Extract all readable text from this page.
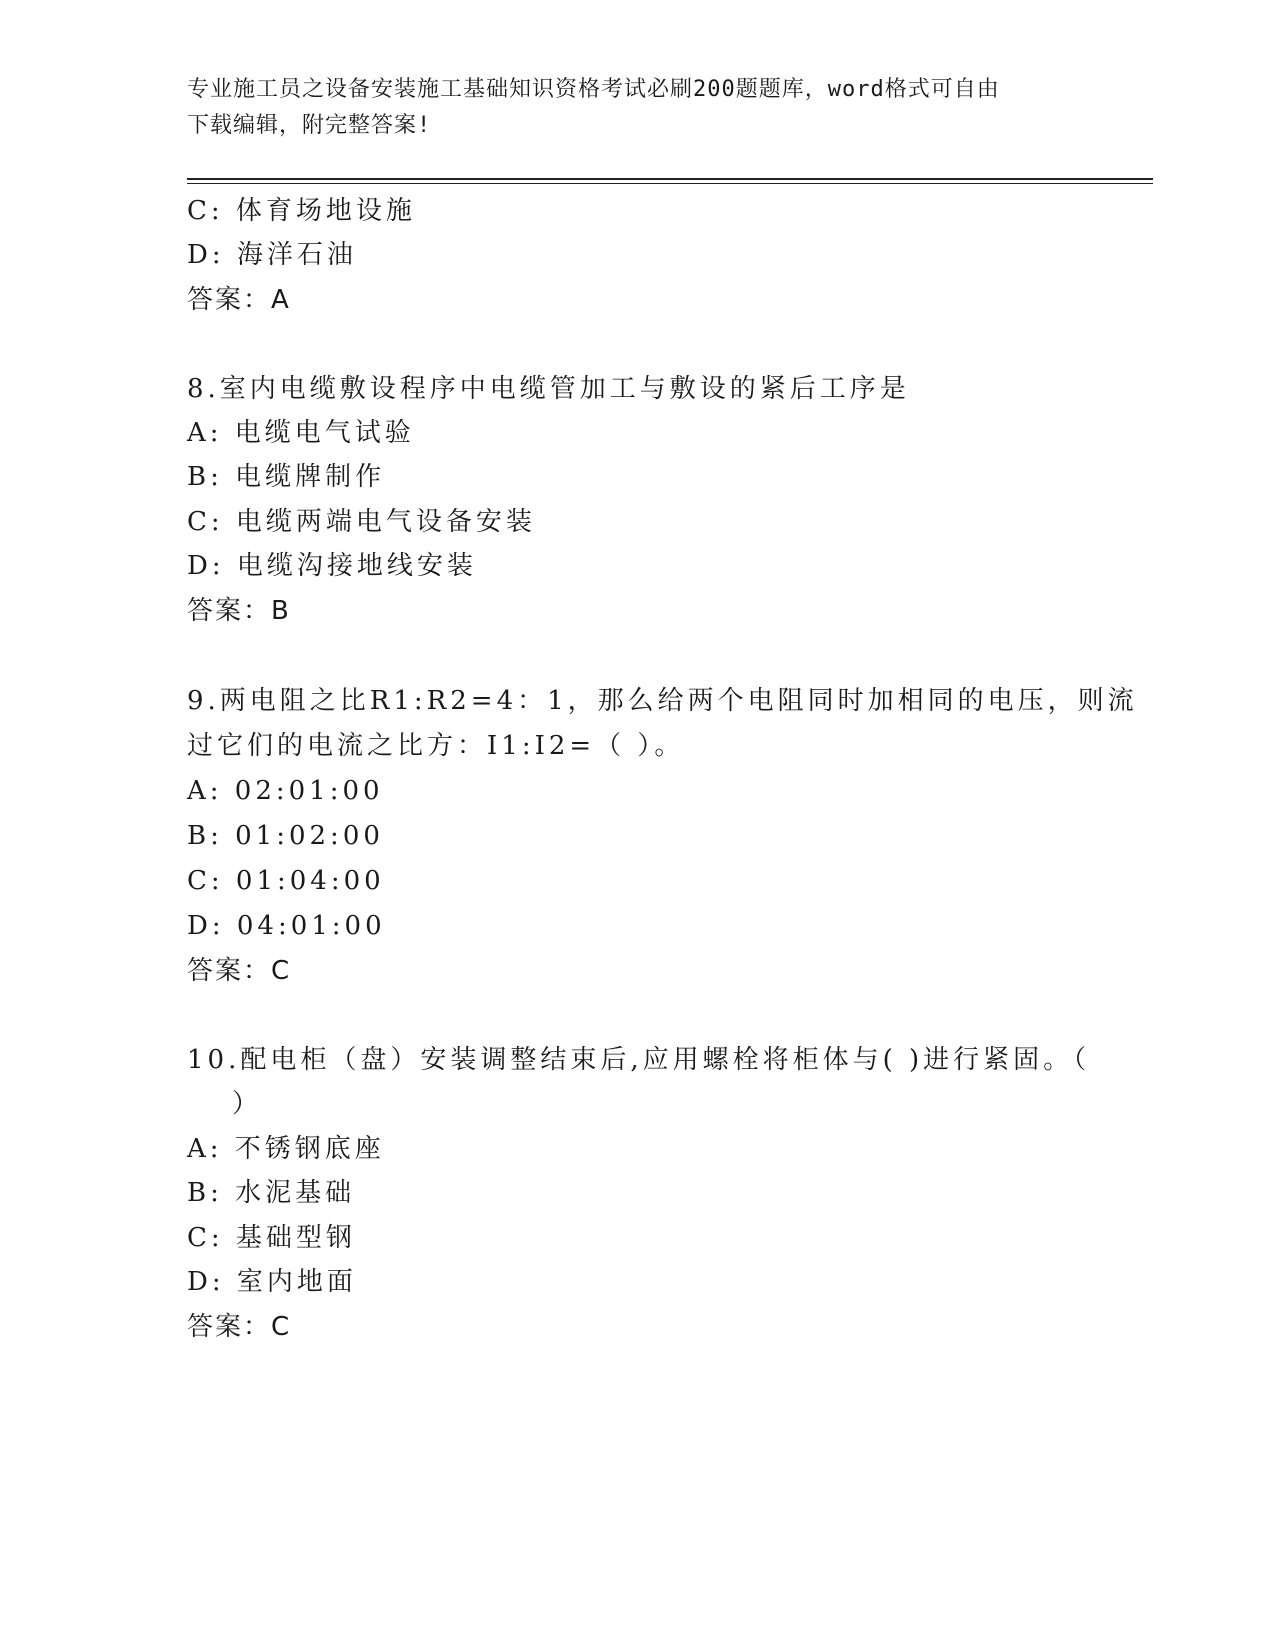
专业施工员之设备安装施工基础知识资格考试必刷200题题库，word格式可自由
下载编辑，附完整答案!
C: 体育场地设施
D: 海洋石油
答案：A
8.室内电缆敷设程序中电缆管加工与敷设的紧后工序是
A: 电缆电气试验
B: 电缆牌制作
C: 电缆两端电气设备安装
D: 电缆沟接地线安装
答案：B
9.两电阻之比R1:R2=4：1，那么给两个电阻同时加相同的电压，则流
过它们的电流之比方：I1:I2=（ ）。
A: 02:01:00
B: 01:02:00
C: 01:04:00
D: 04:01:00
答案：C
10.配电柜（盘）安装调整结束后,应用螺栓将柜体与( )进行紧固。（
）
A: 不锈钢底座
B: 水泥基础
C: 基础型钢
D: 室内地面
答案：C
